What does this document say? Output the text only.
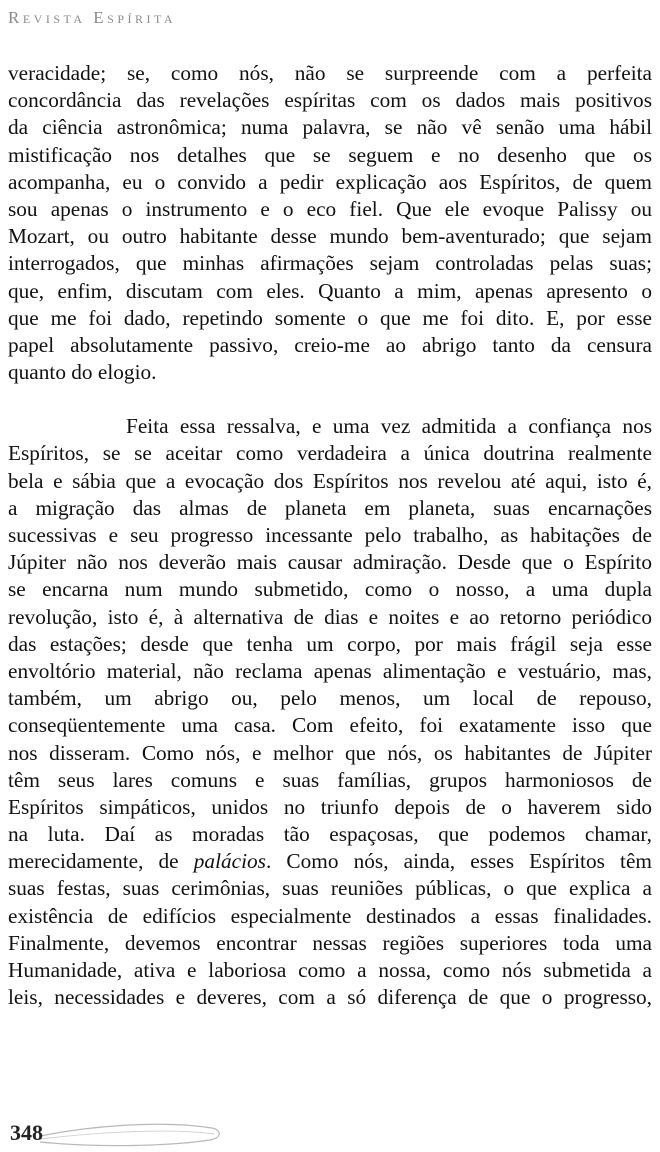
Revista Espírita
veracidade; se, como nós, não se surpreende com a perfeita
concordância das revelações espíritas com os dados mais positivos
da ciência astronômica; numa palavra, se não vê senão uma hábil
mistificação nos detalhes que se seguem e no desenho que os
acompanha, eu o convido a pedir explicação aos Espíritos, de quem
sou apenas o instrumento e o eco fiel. Que ele evoque Palissy ou
Mozart, ou outro habitante desse mundo bem-aventurado; que sejam
interrogados, que minhas afirmações sejam controladas pelas suas;
que, enfim, discutam com eles. Quanto a mim, apenas apresento o
que me foi dado, repetindo somente o que me foi dito. E, por esse
papel absolutamente passivo, creio-me ao abrigo tanto da censura
quanto do elogio.
Feita essa ressalva, e uma vez admitida a confiança nos
Espíritos, se se aceitar como verdadeira a única doutrina realmente
bela e sábia que a evocação dos Espíritos nos revelou até aqui, isto é,
a migração das almas de planeta em planeta, suas encarnações
sucessivas e seu progresso incessante pelo trabalho, as habitações de
Júpiter não nos deverão mais causar admiração. Desde que o Espírito
se encarna num mundo submetido, como o nosso, a uma dupla
revolução, isto é, à alternativa de dias e noites e ao retorno periódico
das estações; desde que tenha um corpo, por mais frágil seja esse
envoltório material, não reclama apenas alimentação e vestuário, mas,
também, um abrigo ou, pelo menos, um local de repouso,
conseqüentemente uma casa. Com efeito, foi exatamente isso que
nos disseram. Como nós, e melhor que nós, os habitantes de Júpiter
têm seus lares comuns e suas famílias, grupos harmoniosos de
Espíritos simpáticos, unidos no triunfo depois de o haverem sido
na luta. Daí as moradas tão espaçosas, que podemos chamar,
merecidamente, de palácios. Como nós, ainda, esses Espíritos têm
suas festas, suas cerimônias, suas reuniões públicas, o que explica a
existência de edifícios especialmente destinados a essas finalidades.
Finalmente, devemos encontrar nessas regiões superiores toda uma
Humanidade, ativa e laboriosa como a nossa, como nós submetida a
leis, necessidades e deveres, com a só diferença de que o progresso,
348
